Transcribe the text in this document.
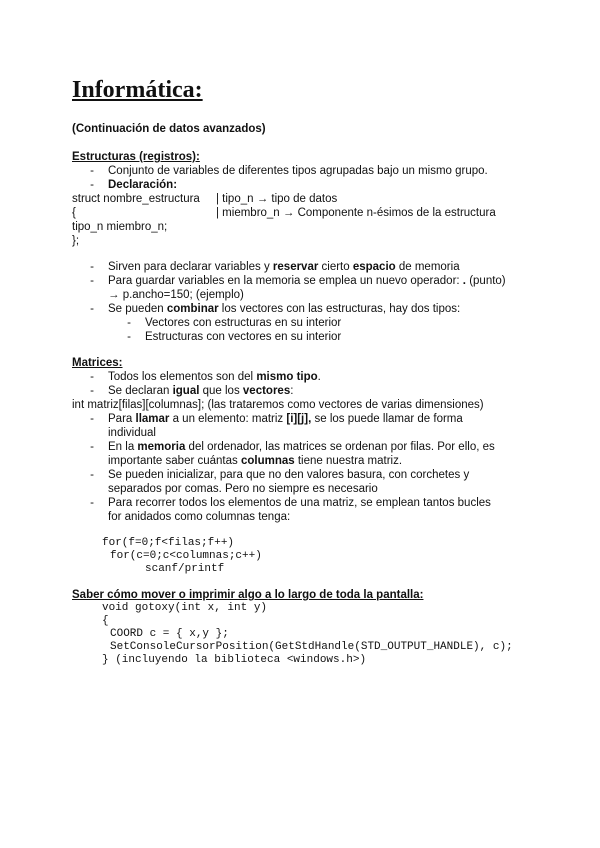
Informática:
(Continuación de datos avanzados)
Estructuras (registros):
- Conjunto de variables de diferentes tipos agrupadas bajo un mismo grupo.
- Declaración:
struct nombre_estructura | tipo_n → tipo de datos
{	| miembro_n → Componente n-ésimos de la estructura
tipo_n miembro_n;
};
- Sirven para declarar variables y reservar cierto espacio de memoria
- Para guardar variables en la memoria se emplea un nuevo operador: . (punto)
→ p.ancho=150; (ejemplo)
- Se pueden combinar los vectores con las estructuras, hay dos tipos:
- Vectores con estructuras en su interior
- Estructuras con vectores en su interior
Matrices:
- Todos los elementos son del mismo tipo.
- Se declaran igual que los vectores:
int matriz[filas][columnas]; (las trataremos como vectores de varias dimensiones)
- Para llamar a un elemento: matriz [i][j], se los puede llamar de forma
individual
- En la memoria del ordenador, las matrices se ordenan por filas. Por ello, es
importante saber cuántas columnas tiene nuestra matriz.
- Se pueden inicializar, para que no den valores basura, con corchetes y
separados por comas. Pero no siempre es necesario
- Para recorrer todos los elementos de una matriz, se emplean tantos bucles
for anidados como columnas tenga:
for(f=0;f<filas;f++)
for(c=0;c<columnas;c++)
scanf/printf
Saber cómo mover o imprimir algo a lo largo de toda la pantalla:
void gotoxy(int x, int y)
{
COORD c = { x,y };
SetConsoleCursorPosition(GetStdHandle(STD_OUTPUT_HANDLE), c);
} (incluyendo la biblioteca <windows.h>)
